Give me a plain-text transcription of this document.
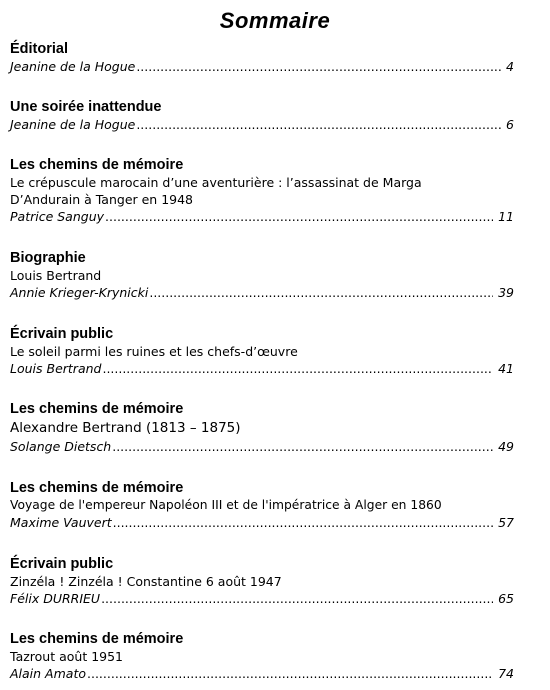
Sommaire
Éditorial
Jeanine de la Hogue .....	4
Une soirée inattendue
Jeanine de la Hogue .....	6
Les chemins de mémoire
Le crépuscule marocain d’une aventurière : l’assassinat de Marga D’Andurain à Tanger en 1948
Patrice Sanguy .....	11
Biographie
Louis Bertrand
Annie Krieger-Krynicki .....	39
Écrivain public
Le soleil parmi les ruines et les chefs-d’œuvre
Louis Bertrand .....	41
Les chemins de mémoire
Alexandre Bertrand (1813 – 1875)
Solange Dietsch .....	49
Les chemins de mémoire
Voyage de l'empereur Napoléon III et de l'impératrice à Alger en 1860
Maxime Vauvert .....	57
Écrivain public
Zinzéla ! Zinzéla ! Constantine 6 août 1947
Félix DURRIEU .....	65
Les chemins de mémoire
Tazrout août 1951
Alain Amato .....	74
